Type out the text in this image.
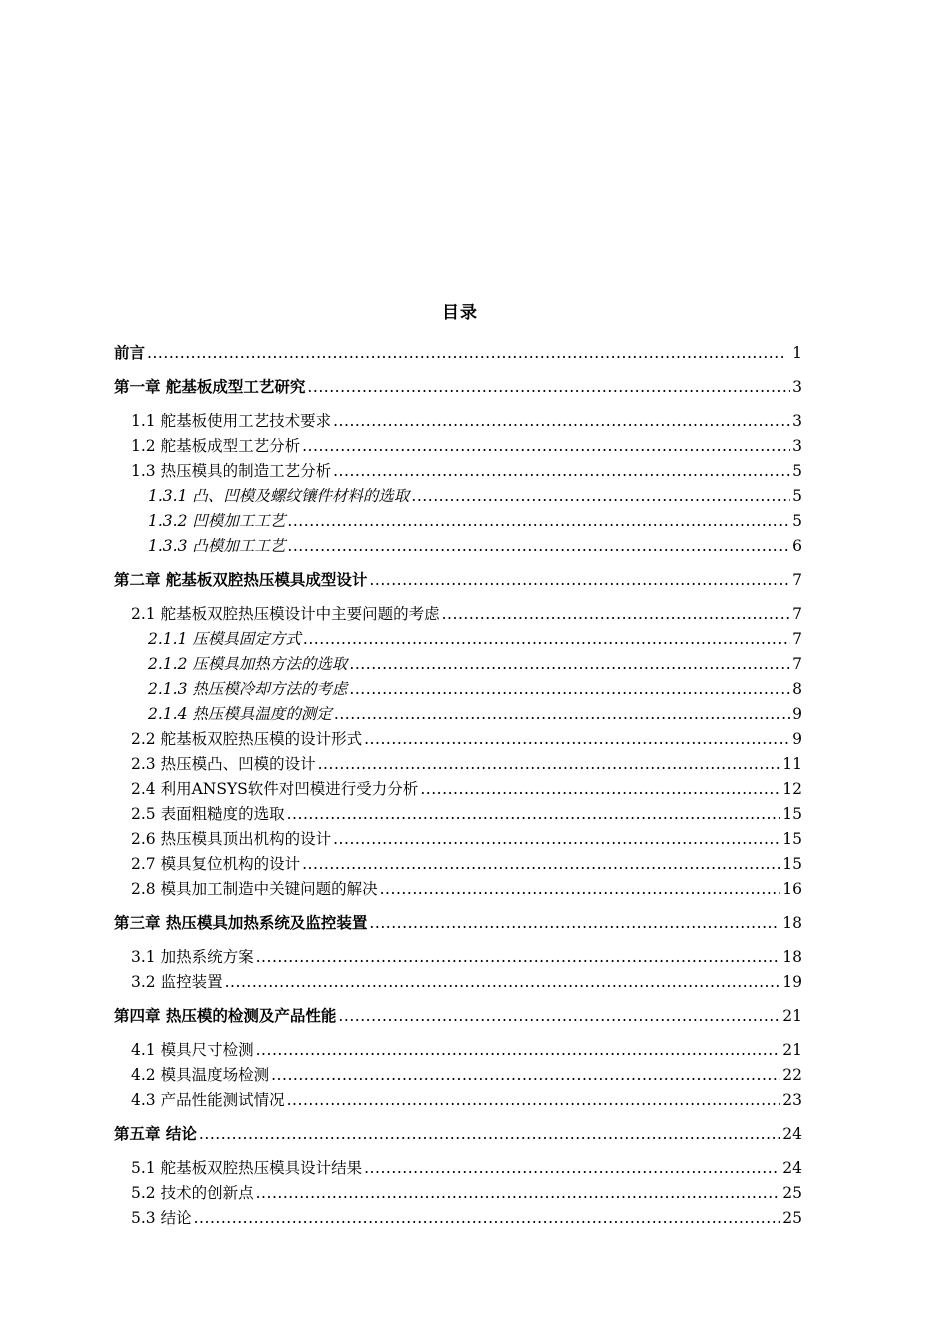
目录
前言 . . .	1
第一章 舵基板成型工艺研究 . . .	3
1.1 舵基板使用工艺技术要求 . . .	3
1.2 舵基板成型工艺分析 . . .	3
1.3 热压模具的制造工艺分析 . . .	5
1.3.1 凸、凹模及螺纹镶件材料的选取 . . .	5
1.3.2 凹模加工工艺 . . .	5
1.3.3 凸模加工工艺 . . .	6
第二章 舵基板双腔热压模具成型设计 . . .	7
2.1 舵基板双腔热压模设计中主要问题的考虑 . . .	7
2.1.1 压模具固定方式 . . .	7
2.1.2 压模具加热方法的选取 . . .	7
2.1.3 热压模冷却方法的考虑 . . .	8
2.1.4 热压模具温度的测定 . . .	9
2.2 舵基板双腔热压模的设计形式 . . .	9
2.3 热压模凸、凹模的设计 . . .	11
2.4 利用ANSYS软件对凹模进行受力分析 . . .	12
2.5 表面粗糙度的选取 . . .	15
2.6 热压模具顶出机构的设计 . . .	15
2.7 模具复位机构的设计 . . .	15
2.8 模具加工制造中关键问题的解决 . . .	16
第三章 热压模具加热系统及监控装置 . . .	18
3.1 加热系统方案 . . .	18
3.2 监控装置 . . .	19
第四章 热压模的检测及产品性能 . . .	21
4.1 模具尺寸检测 . . .	21
4.2 模具温度场检测 . . .	22
4.3 产品性能测试情况 . . .	23
第五章 结论 . . .	24
5.1 舵基板双腔热压模具设计结果 . . .	24
5.2 技术的创新点 . . .	25
5.3 结论 . . .	25
